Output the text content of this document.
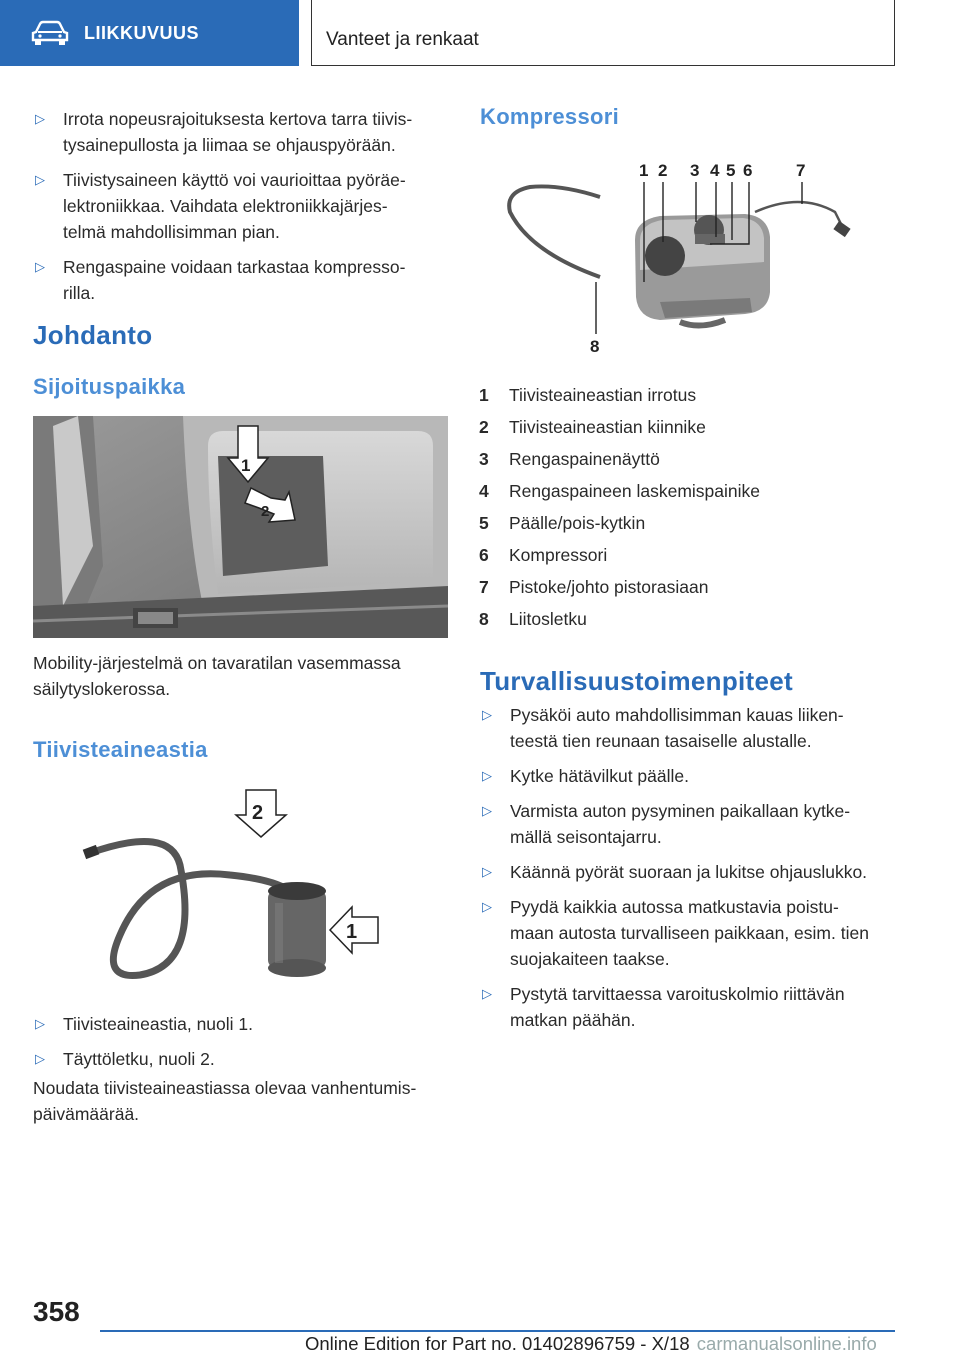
LIIKKUVUUS	Vanteet ja renkaat
▷ Irrota nopeusrajoituksesta kertova tarra tiivis-
tysainepullosta ja liimaa se ohjauspyörään.
▷ Tiivistysaineen käyttö voi vaurioittaa pyöräe-
lektroniikkaa. Vaihdata elektroniikkajärjes-
telmä mahdollisimman pian.
▷ Rengaspaine voidaan tarkastaa kompresso-
rilla.
Johdanto
Sijoituspaikka
1
2

Mobility-järjestelmä on tavaratilan vasemmassa
säilytyslokerossa.

Tiivisteaineastia
2
1
▷ Tiivisteaineastia, nuoli 1.
▷ Täyttöletku, nuoli 2.

Noudata tiivisteaineastiassa olevaa vanhentumis-
päivämäärää.

Kompressori
1 2 3 4 5 6	7
8
1	Tiivisteaineastian irrotus
2	Tiivisteaineastian kiinnike
3	Rengaspainenäyttö
4	Rengaspaineen laskemispainike
5	Päälle/pois-kytkin
6	Kompressori
7	Pistoke/johto pistorasiaan
8	Liitosletku
Turvallisuustoimenpiteet
▷ Pysäköi auto mahdollisimman kauas liiken-
teestä tien reunaan tasaiselle alustalle.
▷ Kytke hätävilkut päälle.
▷ Varmista auton pysyminen paikallaan kytke-
mällä seisontajarru.
▷ Käännä pyörät suoraan ja lukitse ohjauslukko.
▷ Pyydä kaikkia autossa matkustavia poistu-
maan autosta turvalliseen paikkaan, esim. tien
suojakaiteen taakse.
▷ Pystytä tarvittaessa varoituskolmio riittävän
matkan päähän.
358
Online Edition for Part no. 01402896759 - X/18 carmanualsonline.info
